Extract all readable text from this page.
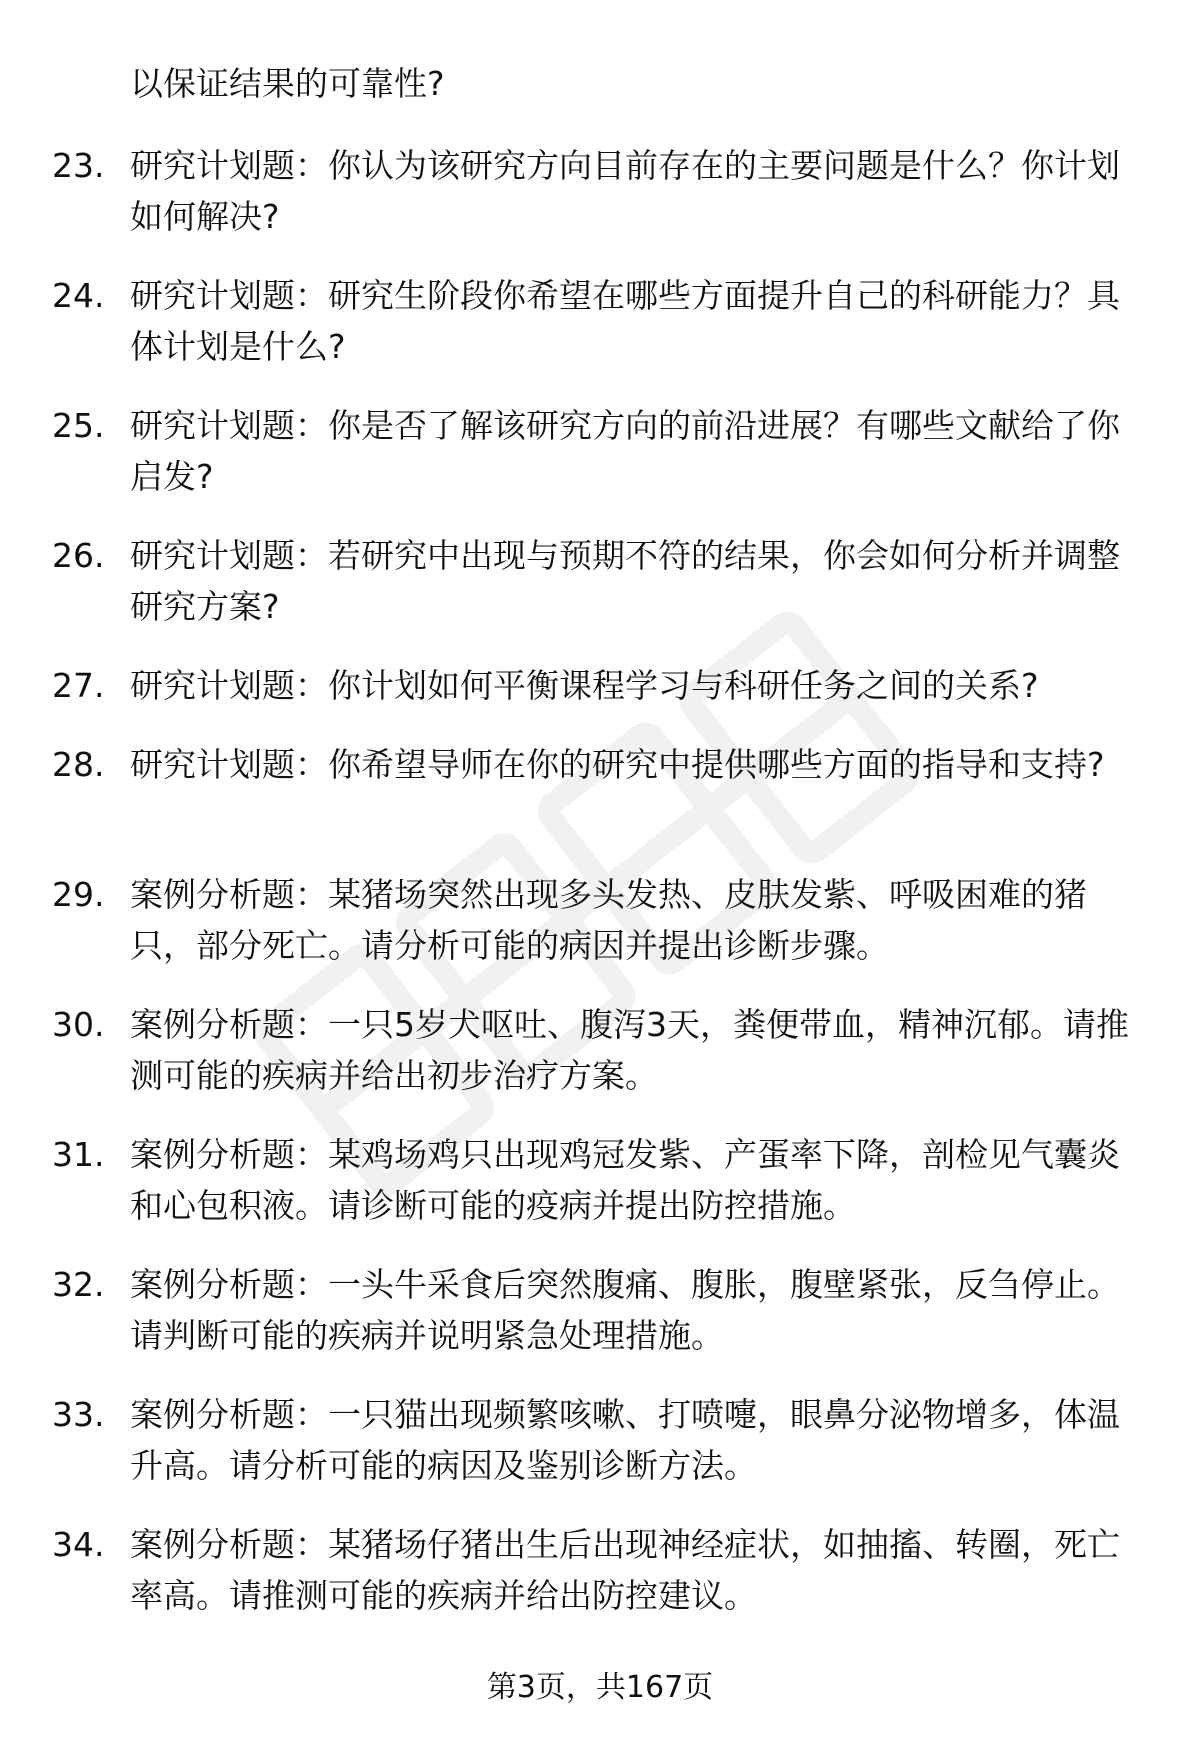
以保证结果的可靠性?
23. 研究计划题：你认为该研究方向目前存在的主要问题是什么？你计划如何解决?
24. 研究计划题：研究生阶段你希望在哪些方面提升自己的科研能力？具体计划是什么?
25. 研究计划题：你是否了解该研究方向的前沿进展？有哪些文献给了你启发?
26. 研究计划题：若研究中出现与预期不符的结果，你会如何分析并调整研究方案?
27. 研究计划题：你计划如何平衡课程学习与科研任务之间的关系?
28. 研究计划题：你希望导师在你的研究中提供哪些方面的指导和支持?
29. 案例分析题：某猪场突然出现多头发热、皮肤发紫、呼吸困难的猪只，部分死亡。请分析可能的病因并提出诊断步骤。
30. 案例分析题：一只5岁犬呕吐、腹泻3天，粪便带血，精神沉郁。请推测可能的疾病并给出初步治疗方案。
31. 案例分析题：某鸡场鸡只出现鸡冠发紫、产蛋率下降，剖检见气囊炎和心包积液。请诊断可能的疫病并提出防控措施。
32. 案例分析题：一头牛采食后突然腹痛、腹胀，腹壁紧张，反刍停止。请判断可能的疾病并说明紧急处理措施。
33. 案例分析题：一只猫出现频繁咳嗽、打喷嚏，眼鼻分泌物增多，体温升高。请分析可能的病因及鉴别诊断方法。
34. 案例分析题：某猪场仔猪出生后出现神经症状，如抽搐、转圈，死亡率高。请推测可能的疾病并给出防控建议。
第3页，共167页
